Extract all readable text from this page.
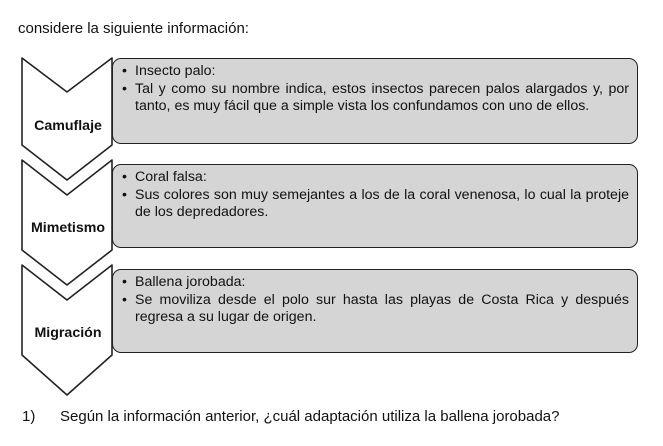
considere la siguiente información:
Camuflaje
Mimetismo
Migración
• Insecto palo:
• Tal y como su nombre indica, estos insectos parecen palos alargados y, por tanto, es muy fácil que a simple vista los confundamos con uno de ellos.
• Coral falsa:
• Sus colores son muy semejantes a los de la coral venenosa, lo cual la proteje de los depredadores.
• Ballena jorobada:
• Se moviliza desde el polo sur hasta las playas de Costa Rica y después regresa a su lugar de origen.
1) Según la información anterior, ¿cuál adaptación utiliza la ballena jorobada?
